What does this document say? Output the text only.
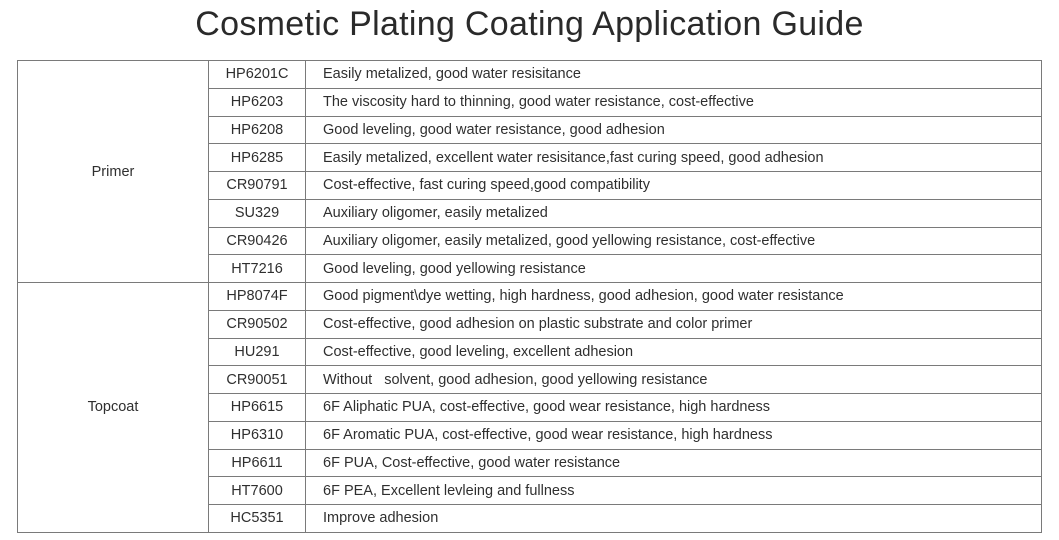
Cosmetic Plating Coating Application Guide
Primer	HP6201C	Easily metalized, good water resisitance
	HP6203	The viscosity hard to thinning, good water resistance, cost-effective
	HP6208	Good leveling, good water resistance, good adhesion
	HP6285	Easily metalized, excellent water resisitance,fast curing speed, good adhesion
	CR90791	Cost-effective, fast curing speed,good compatibility
	SU329	Auxiliary oligomer, easily metalized
	CR90426	Auxiliary oligomer, easily metalized, good yellowing resistance, cost-effective
	HT7216	Good leveling, good yellowing resistance
Topcoat	HP8074F	Good pigment\dye wetting, high hardness, good adhesion, good water resistance
	CR90502	Cost-effective, good adhesion on plastic substrate and color primer
	HU291	Cost-effective, good leveling, excellent adhesion
	CR90051	Without   solvent, good adhesion, good yellowing resistance
	HP6615	6F Aliphatic PUA, cost-effective, good wear resistance, high hardness
	HP6310	6F Aromatic PUA, cost-effective, good wear resistance, high hardness
	HP6611	6F PUA, Cost-effective, good water resistance
	HT7600	6F PEA, Excellent levleing and fullness
	HC5351	Improve adhesion
